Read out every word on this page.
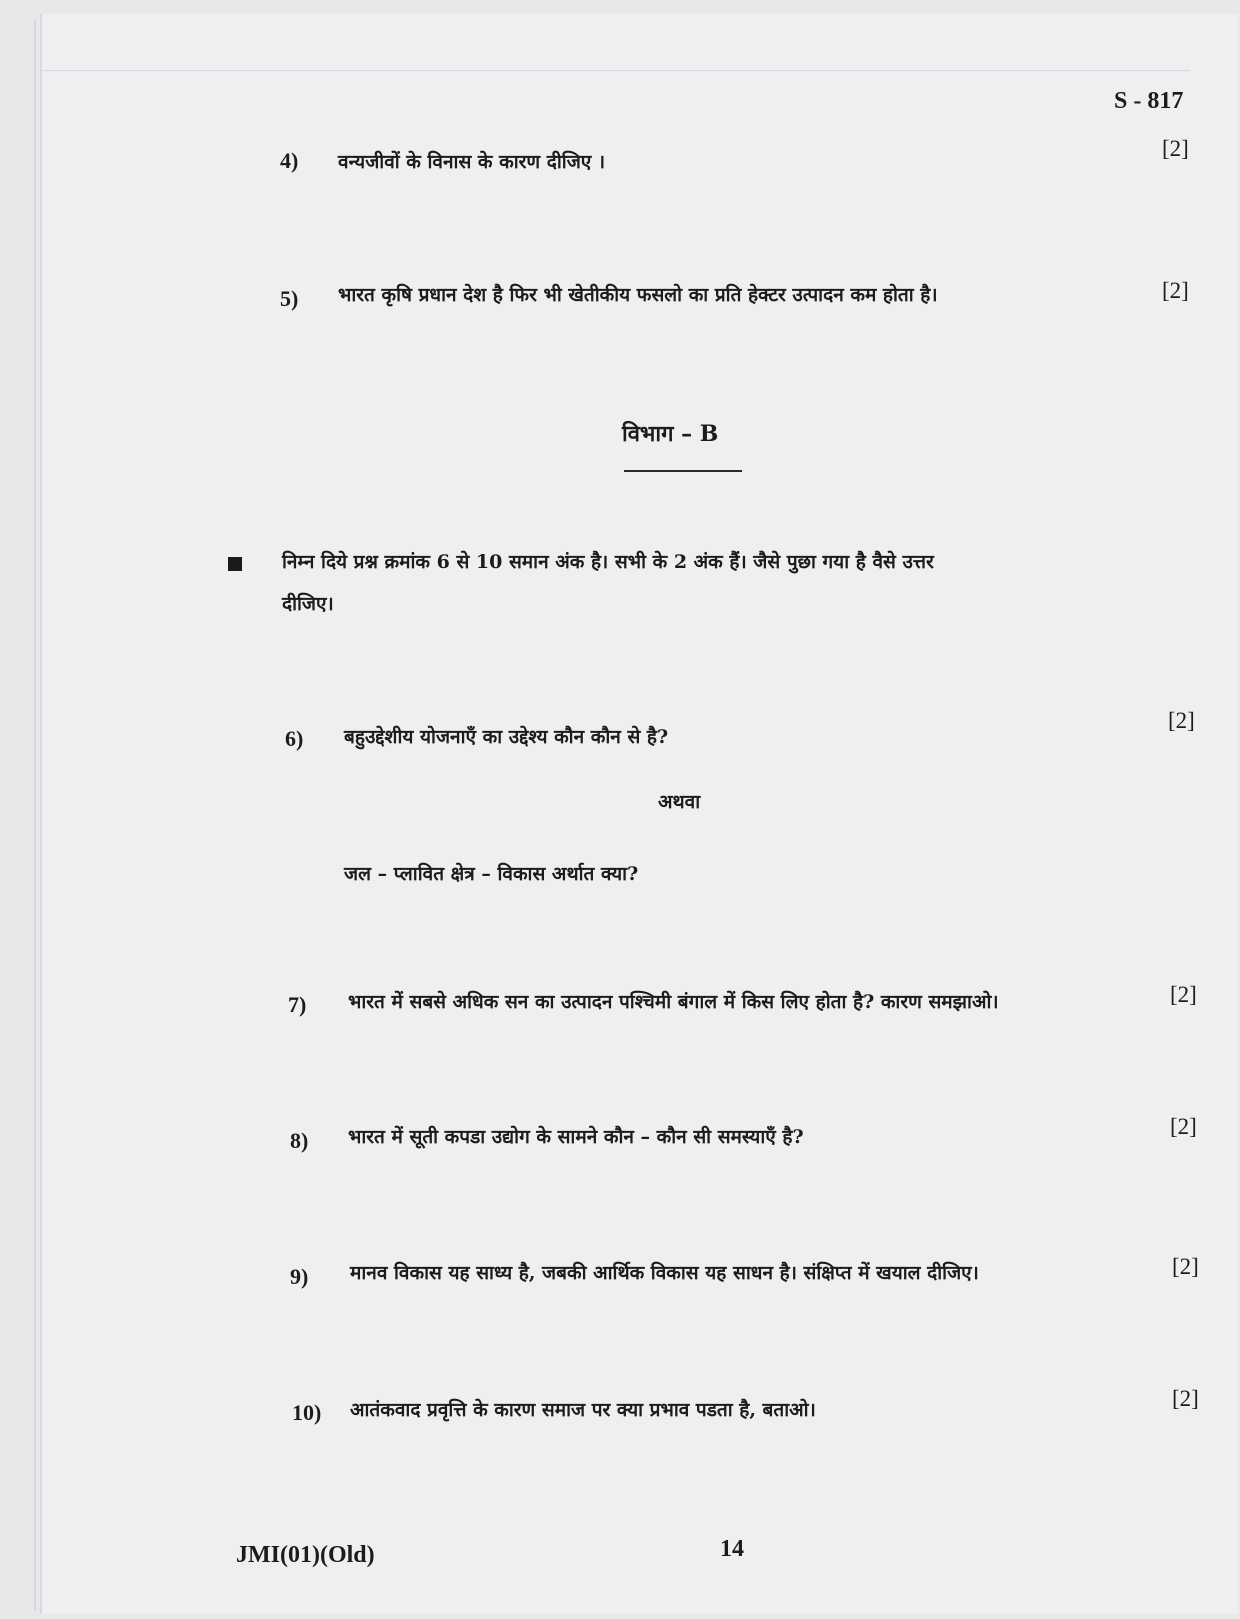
S - 817
4) वन्यजीवों के विनास के कारण दीजिए ।
[2]
5) भारत कृषि प्रधान देश है फिर भी खेतीकीय फसलो का प्रति हेक्टर उत्पादन कम होता है।	[2]
विभाग – B
निम्न दिये प्रश्न क्रमांक 6 से 10 समान अंक है। सभी के 2 अंक हैं। जैसे पुछा गया है वैसे उत्तर
दीजिए।
6) बहुउद्देशीय योजनाएँ का उद्देश्य कौन कौन से है?
[2]
अथवा
जल – प्लावित क्षेत्र – विकास अर्थात क्या?
7) भारत में सबसे अधिक सन का उत्पादन पश्चिमी बंगाल में किस लिए होता है? कारण समझाओ।	[2]
8) भारत में सूती कपडा उद्योग के सामने कौन – कौन सी समस्याएँ है?	[2]
9) मानव विकास यह साध्य है, जबकी आर्थिक विकास यह साधन है। संक्षिप्त में खयाल दीजिए।	[2]
10) आतंकवाद प्रवृत्ति के कारण समाज पर क्या प्रभाव पडता है, बताओ।	[2]
JMI(01)(Old)	14
